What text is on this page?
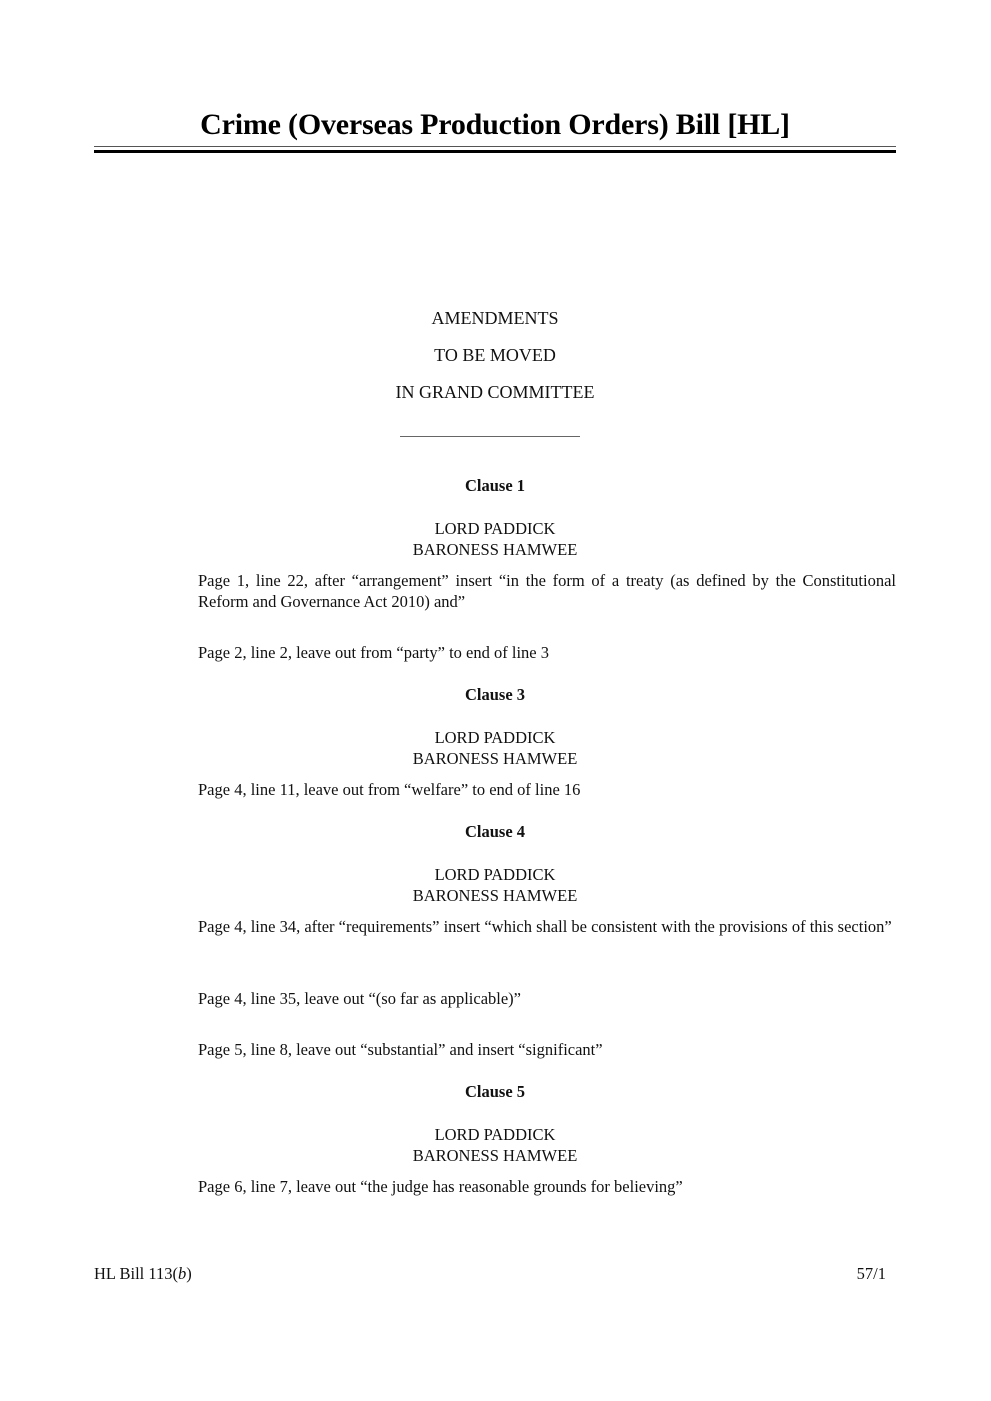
Crime (Overseas Production Orders) Bill [HL]
AMENDMENTS
TO BE MOVED
IN GRAND COMMITTEE
Clause 1
LORD PADDICK
BARONESS HAMWEE
Page 1, line 22, after “arrangement” insert “in the form of a treaty (as defined by the Constitutional Reform and Governance Act 2010) and”
Page 2, line 2, leave out from “party” to end of line 3
Clause 3
LORD PADDICK
BARONESS HAMWEE
Page 4, line 11, leave out from “welfare” to end of line 16
Clause 4
LORD PADDICK
BARONESS HAMWEE
Page 4, line 34, after “requirements” insert “which shall be consistent with the provisions of this section”
Page 4, line 35, leave out “(so far as applicable)”
Page 5, line 8, leave out “substantial” and insert “significant”
Clause 5
LORD PADDICK
BARONESS HAMWEE
Page 6, line 7, leave out “the judge has reasonable grounds for believing”
HL Bill 113(b)	57/1
